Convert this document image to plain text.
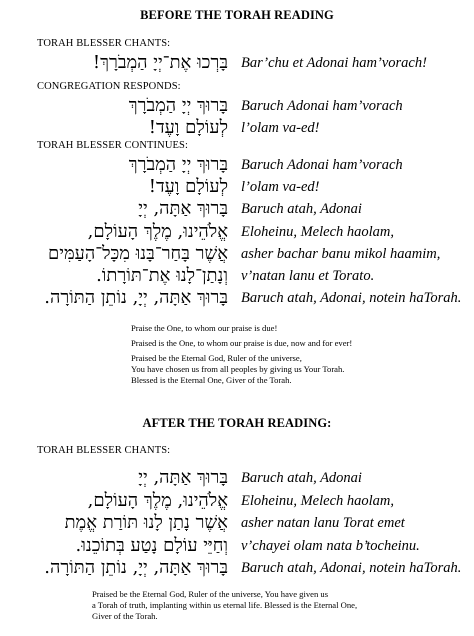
BEFORE THE TORAH READING
TORAH BLESSER CHANTS:
בָּרְכוּ אֶת־יְיָ הַמְבֹרָךְ! Bar’chu et Adonai ham’vorach!
CONGREGATION RESPONDS:
בָּרוּךְ יְיָ הַמְבֹרָךְ Baruch Adonai ham’vorach
לְעוֹלָם וָעֶד! l’olam va-ed!
TORAH BLESSER CONTINUES:
בָּרוּךְ יְיָ הַמְבֹרָךְ Baruch Adonai ham’vorach
לְעוֹלָם וָעֶד! l’olam va-ed!
בָּרוּךְ אַתָּה, יְיָ Baruch atah, Adonai
אֱלֹהֵינוּ, מֶלֶךְ הָעוֹלָם, Eloheinu, Melech haolam,
אֲשֶׁר בָּחַר־בָּנוּ מִכָּל־הָעַמִּים asher bachar banu mikol haamim,
וְנָתַן־לָנוּ אֶת־תּוֹרָתוֹ. v’natan lanu et Torato.
בָּרוּךְ אַתָּה, יְיָ, נוֹתֵן הַתּוֹרָה. Baruch atah, Adonai, notein haTorah.
Praise the One, to whom our praise is due!
Praised is the One, to whom our praise is due, now and for ever!
Praised be the Eternal God, Ruler of the universe,
You have chosen us from all peoples by giving us Your Torah.
Blessed is the Eternal One, Giver of the Torah.
AFTER THE TORAH READING:
TORAH BLESSER CHANTS:
בָּרוּךְ אַתָּה, יְיָ Baruch atah, Adonai
אֱלֹהֵינוּ, מֶלֶךְ הָעוֹלָם, Eloheinu, Melech haolam,
אֲשֶׁר נָתַן לָנוּ תּוֹרַת אֱמֶת asher natan lanu Torat emet
וְחַיֵּי עוֹלָם נָטַע בְּתוֹכֵנוּ. v’chayei olam nata b’tocheinu.
בָּרוּךְ אַתָּה, יְיָ, נוֹתֵן הַתּוֹרָה. Baruch atah, Adonai, notein haTorah.
Praised be the Eternal God, Ruler of the universe, You have given us
a Torah of truth, implanting within us eternal life. Blessed is the Eternal One,
Giver of the Torah.
